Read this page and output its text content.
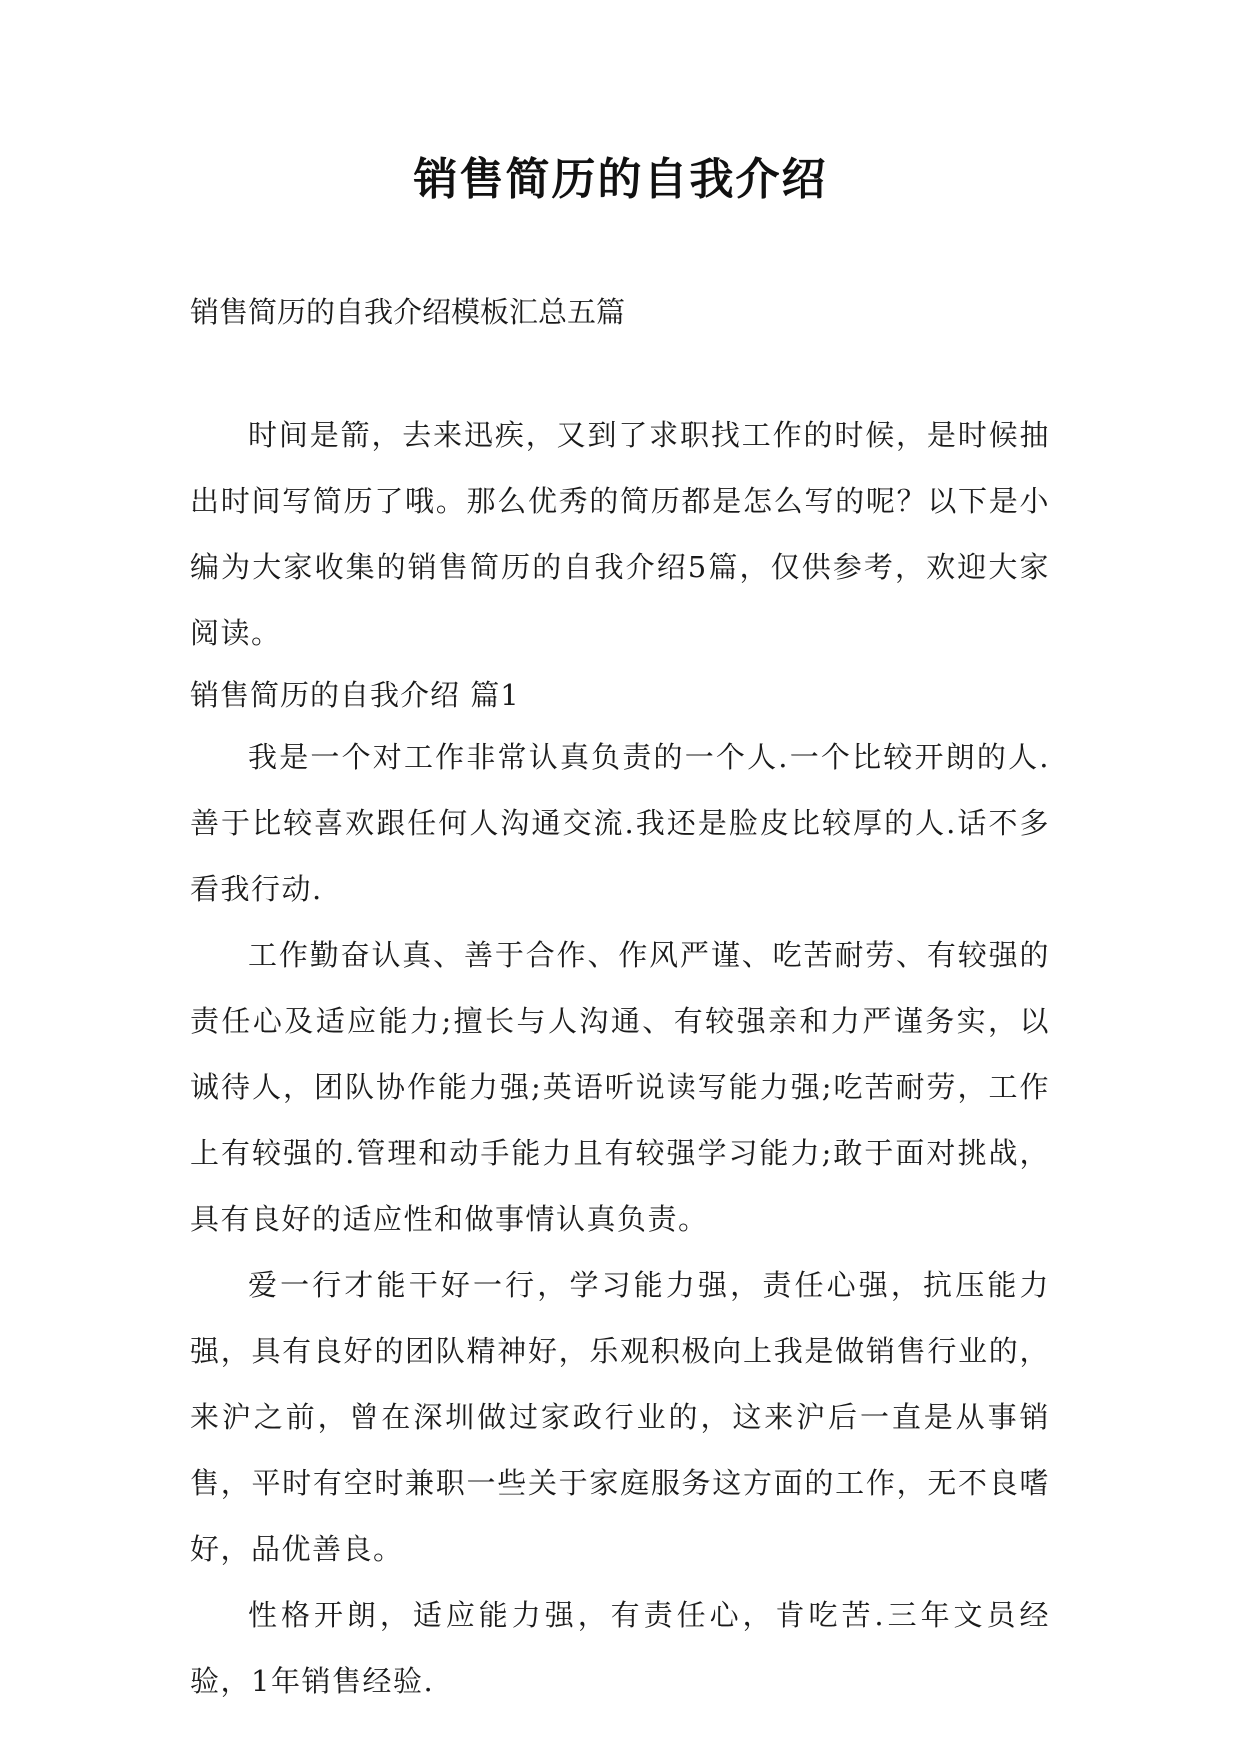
销售简历的自我介绍
销售简历的自我介绍模板汇总五篇

时间是箭，去来迅疾，又到了求职找工作的时候，是时候抽出时间写简历了哦。那么优秀的简历都是怎么写的呢？以下是小编为大家收集的销售简历的自我介绍5篇，仅供参考，欢迎大家阅读。

销售简历的自我介绍 篇1

我是一个对工作非常认真负责的一个人.一个比较开朗的人.善于比较喜欢跟任何人沟通交流.我还是脸皮比较厚的人.话不多看我行动.

工作勤奋认真、善于合作、作风严谨、吃苦耐劳、有较强的责任心及适应能力;擅长与人沟通、有较强亲和力严谨务实，以诚待人，团队协作能力强;英语听说读写能力强;吃苦耐劳，工作上有较强的.管理和动手能力且有较强学习能力;敢于面对挑战，具有良好的适应性和做事情认真负责。

爱一行才能干好一行，学习能力强，责任心强，抗压能力强，具有良好的团队精神好，乐观积极向上我是做销售行业的，来沪之前，曾在深圳做过家政行业的，这来沪后一直是从事销售，平时有空时兼职一些关于家庭服务这方面的工作，无不良嗜好，品优善良。

性格开朗，适应能力强，有责任心，肯吃苦.三年文员经验，1年销售经验.
